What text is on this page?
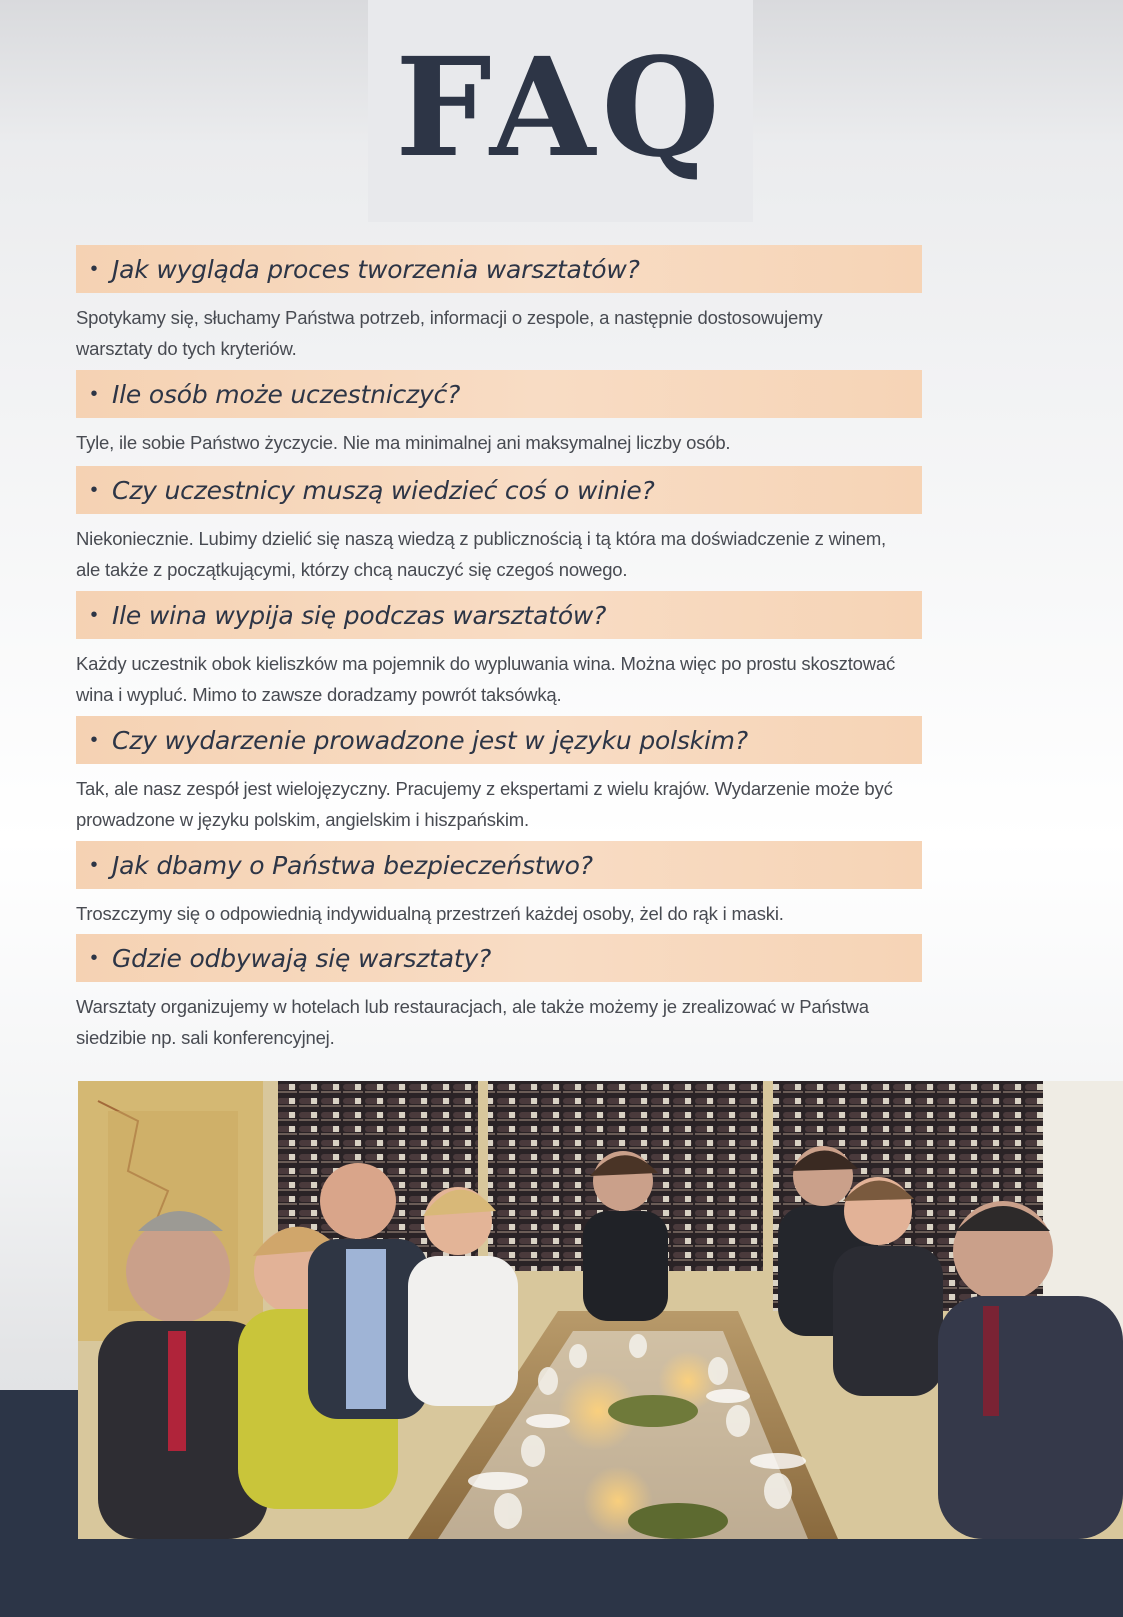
FAQ
• Jak wygląda proces tworzenia warsztatów?

Spotykamy się, słuchamy Państwa potrzeb, informacji o zespole, a następnie dostosowujemy warsztaty do tych kryteriów.

• Ile osób może uczestniczyć?

Tyle, ile sobie Państwo życzycie. Nie ma minimalnej ani maksymalnej liczby osób.

• Czy uczestnicy muszą wiedzieć coś o winie?

Niekoniecznie. Lubimy dzielić się naszą wiedzą z publicznością i tą która ma doświadczenie z winem, ale także z początkującymi, którzy chcą nauczyć się czegoś nowego.

• Ile wina wypija się podczas warsztatów?

Każdy uczestnik obok kieliszków ma pojemnik do wypluwania wina. Można więc po prostu skosztować wina i wypluć. Mimo to zawsze doradzamy powrót taksówką.

• Czy wydarzenie prowadzone jest w języku polskim?

Tak, ale nasz zespół jest wielojęzyczny. Pracujemy z ekspertami z wielu krajów. Wydarzenie może być prowadzone w języku polskim, angielskim i hiszpańskim.

• Jak dbamy o Państwa bezpieczeństwo?

Troszczymy się o odpowiednią indywidualną przestrzeń każdej osoby, żel do rąk i maski.

• Gdzie odbywają się warsztaty?

Warsztaty organizujemy w hotelach lub restauracjach, ale także możemy je zrealizować w Państwa siedzibie np. sali konferencyjnej.
